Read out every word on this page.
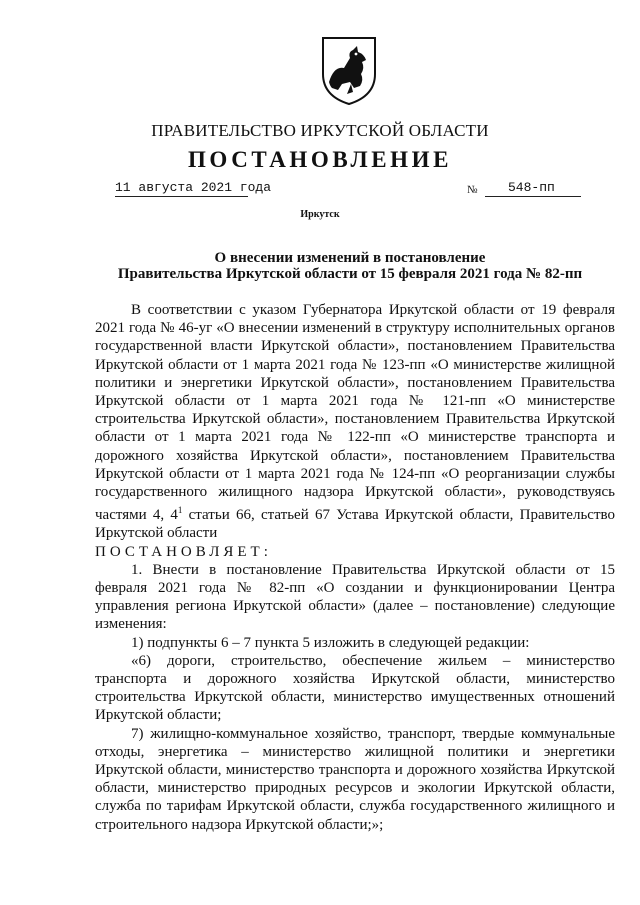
ПРАВИТЕЛЬСТВО ИРКУТСКОЙ ОБЛАСТИ
ПОСТАНОВЛЕНИЕ
11 августа 2021 года	№	548-пп
Иркутск
О внесении изменений в постановление
Правительства Иркутской области от 15 февраля 2021 года № 82-пп

В соответствии с указом Губернатора Иркутской области от 19 февраля 2021 года № 46-уг «О внесении изменений в структуру исполнительных органов государственной власти Иркутской области», постановлением Правительства Иркутской области от 1 марта 2021 года № 123-пп «О министерстве жилищной политики и энергетики Иркутской области», постановлением Правительства Иркутской области от 1 марта 2021 года № 121-пп «О министерстве строительства Иркутской области», постановлением Правительства Иркутской области от 1 марта 2021 года № 122-пп «О министерстве транспорта и дорожного хозяйства Иркутской области», постановлением Правительства Иркутской области от 1 марта 2021 года № 124-пп «О реорганизации службы государственного жилищного надзора Иркутской области», руководствуясь частями 4, $4^1$ статьи 66, статьей 67 Устава Иркутской области, Правительство Иркутской области

ПОСТАНОВЛЯЕТ:

1. Внести в постановление Правительства Иркутской области от 15 февраля 2021 года № 82-пп «О создании и функционировании Центра управления региона Иркутской области» (далее – постановление) следующие изменения:

1) подпункты 6 – 7 пункта 5 изложить в следующей редакции:

«6) дороги, строительство, обеспечение жильем – министерство транспорта и дорожного хозяйства Иркутской области, министерство строительства Иркутской области, министерство имущественных отношений Иркутской области;

7) жилищно-коммунальное хозяйство, транспорт, твердые коммунальные отходы, энергетика – министерство жилищной политики и энергетики Иркутской области, министерство транспорта и дорожного хозяйства Иркутской области, министерство природных ресурсов и экологии Иркутской области, служба по тарифам Иркутской области, служба государственного жилищного и строительного надзора Иркутской области;»;
